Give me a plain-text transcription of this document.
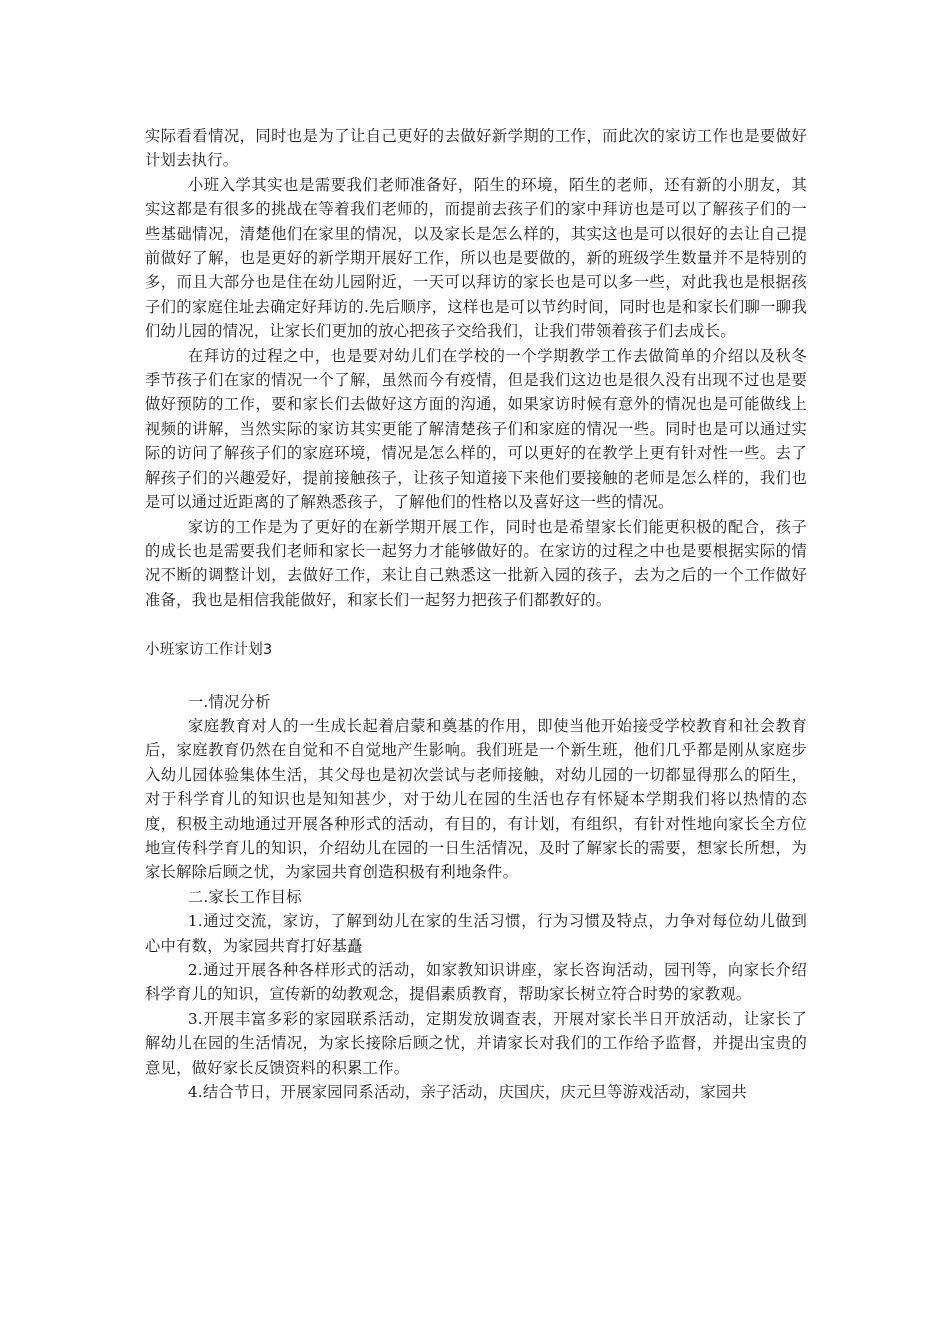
实际看看情况，同时也是为了让自己更好的去做好新学期的工作，而此次的家访工作也是要做好计划去执行。

小班入学其实也是需要我们老师准备好，陌生的环境，陌生的老师，还有新的小朋友，其实这都是有很多的挑战在等着我们老师的，而提前去孩子们的家中拜访也是可以了解孩子们的一些基础情况，清楚他们在家里的情况，以及家长是怎么样的，其实这也是可以很好的去让自己提前做好了解，也是更好的新学期开展好工作，所以也是要做的，新的班级学生数量并不是特别的多，而且大部分也是住在幼儿园附近，一天可以拜访的家长也是可以多一些，对此我也是根据孩子们的家庭住址去确定好拜访的.先后顺序，这样也是可以节约时间，同时也是和家长们聊一聊我们幼儿园的情况，让家长们更加的放心把孩子交给我们，让我们带领着孩子们去成长。

在拜访的过程之中，也是要对幼儿们在学校的一个学期教学工作去做简单的介绍以及秋冬季节孩子们在家的情况一个了解，虽然而今有疫情，但是我们这边也是很久没有出现不过也是要做好预防的工作，要和家长们去做好这方面的沟通，如果家访时候有意外的情况也是可能做线上视频的讲解，当然实际的家访其实更能了解清楚孩子们和家庭的情况一些。同时也是可以通过实际的访问了解孩子们的家庭环境，情况是怎么样的，可以更好的在教学上更有针对性一些。去了解孩子们的兴趣爱好，提前接触孩子，让孩子知道接下来他们要接触的老师是怎么样的，我们也是可以通过近距离的了解熟悉孩子，了解他们的性格以及喜好这一些的情况。

家访的工作是为了更好的在新学期开展工作，同时也是希望家长们能更积极的配合，孩子的成长也是需要我们老师和家长一起努力才能够做好的。在家访的过程之中也是要根据实际的情况不断的调整计划，去做好工作，来让自己熟悉这一批新入园的孩子，去为之后的一个工作做好准备，我也是相信我能做好，和家长们一起努力把孩子们都教好的。

小班家访工作计划3

一.情况分析

家庭教育对人的一生成长起着启蒙和奠基的作用，即使当他开始接受学校教育和社会教育后，家庭教育仍然在自觉和不自觉地产生影响。我们班是一个新生班，他们几乎都是刚从家庭步入幼儿园体验集体生活，其父母也是初次尝试与老师接触，对幼儿园的一切都显得那么的陌生，对于科学育儿的知识也是知知甚少，对于幼儿在园的生活也存有怀疑本学期我们将以热情的态度，积极主动地通过开展各种形式的活动，有目的，有计划，有组织，有针对性地向家长全方位地宣传科学育儿的知识，介绍幼儿在园的一日生活情况，及时了解家长的需要，想家长所想，为家长解除后顾之忧，为家园共育创造积极有利地条件。

二.家长工作目标

1.通过交流，家访，了解到幼儿在家的生活习惯，行为习惯及特点，力争对每位幼儿做到心中有数，为家园共育打好基矗

2.通过开展各种各样形式的活动，如家教知识讲座，家长咨询活动，园刊等，向家长介绍科学育儿的知识，宣传新的幼教观念，提倡素质教育，帮助家长树立符合时势的家教观。

3.开展丰富多彩的家园联系活动，定期发放调查表，开展对家长半日开放活动，让家长了解幼儿在园的生活情况，为家长接除后顾之忧，并请家长对我们的工作给予监督，并提出宝贵的意见，做好家长反馈资料的积累工作。

4.结合节日，开展家园同系活动，亲子活动，庆国庆，庆元旦等游戏活动，家园共
